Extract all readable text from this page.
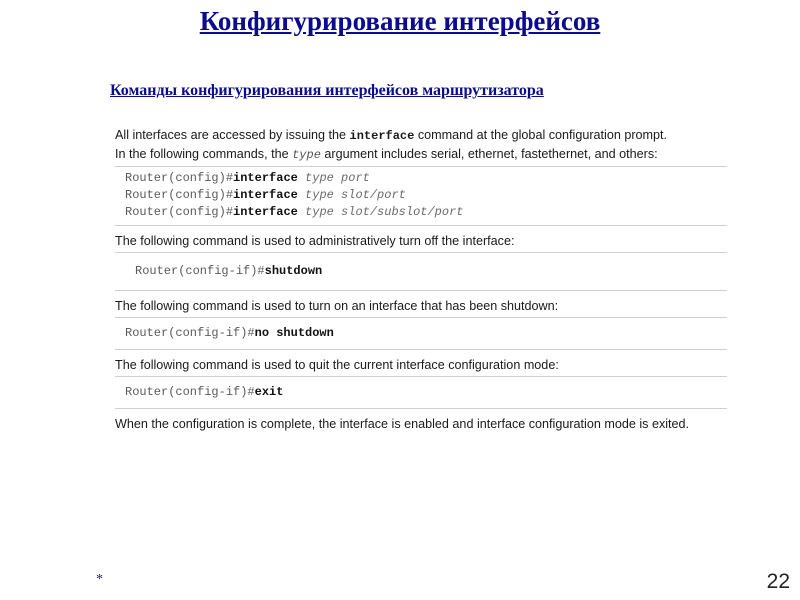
Конфигурирование интерфейсов
Команды конфигурирования интерфейсов маршрутизатора

All interfaces are accessed by issuing the interface command at the global configuration prompt.

In the following commands, the type argument includes serial, ethernet, fastethernet, and others:

Router(config)#interface type port
Router(config)#interface type slot/port
Router(config)#interface type slot/subslot/port

The following command is used to administratively turn off the interface:

Router(config-if)#shutdown

The following command is used to turn on an interface that has been shutdown:

Router(config-if)#no shutdown

The following command is used to quit the current interface configuration mode:

Router(config-if)#exit

When the configuration is complete, the interface is enabled and interface configuration mode is exited.

*	22
